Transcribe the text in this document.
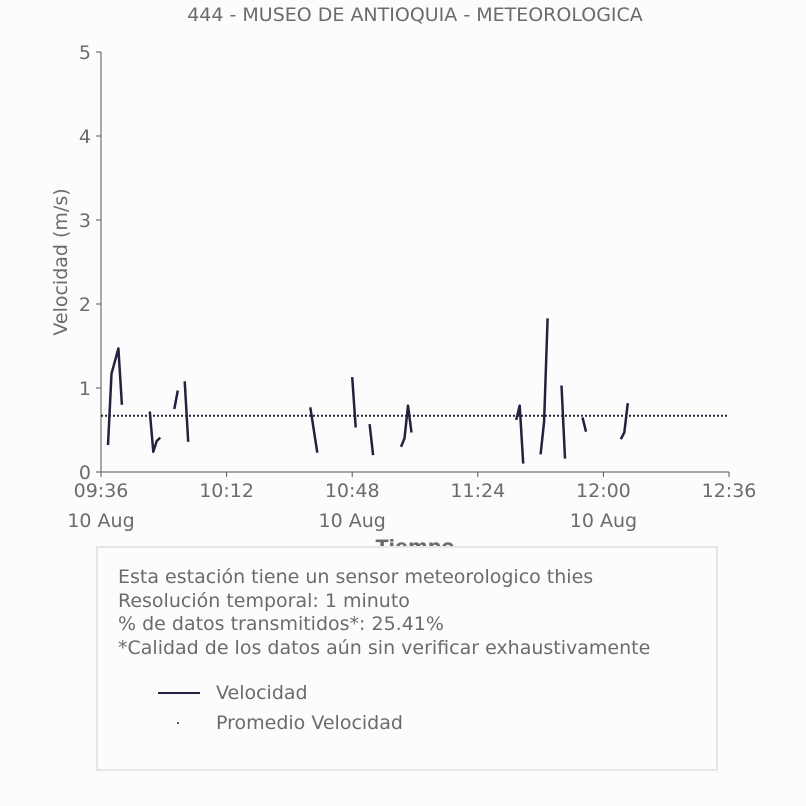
444 - MUSEO DE ANTIOQUIA - METEOROLOGICA
0
1
2
3
4
5
09:36
10 Aug
10:12	10:48
10 Aug
11:24	12:00
10 Aug
12:36
Velocidad (m/s)
Esta estación tiene un sensor meteorologico thies
Resolución temporal: 1 minuto
% de datos transmitidos*: 25.41%
*Calidad de los datos aún sin verificar exhaustivamente
Velocidad
Promedio Velocidad
